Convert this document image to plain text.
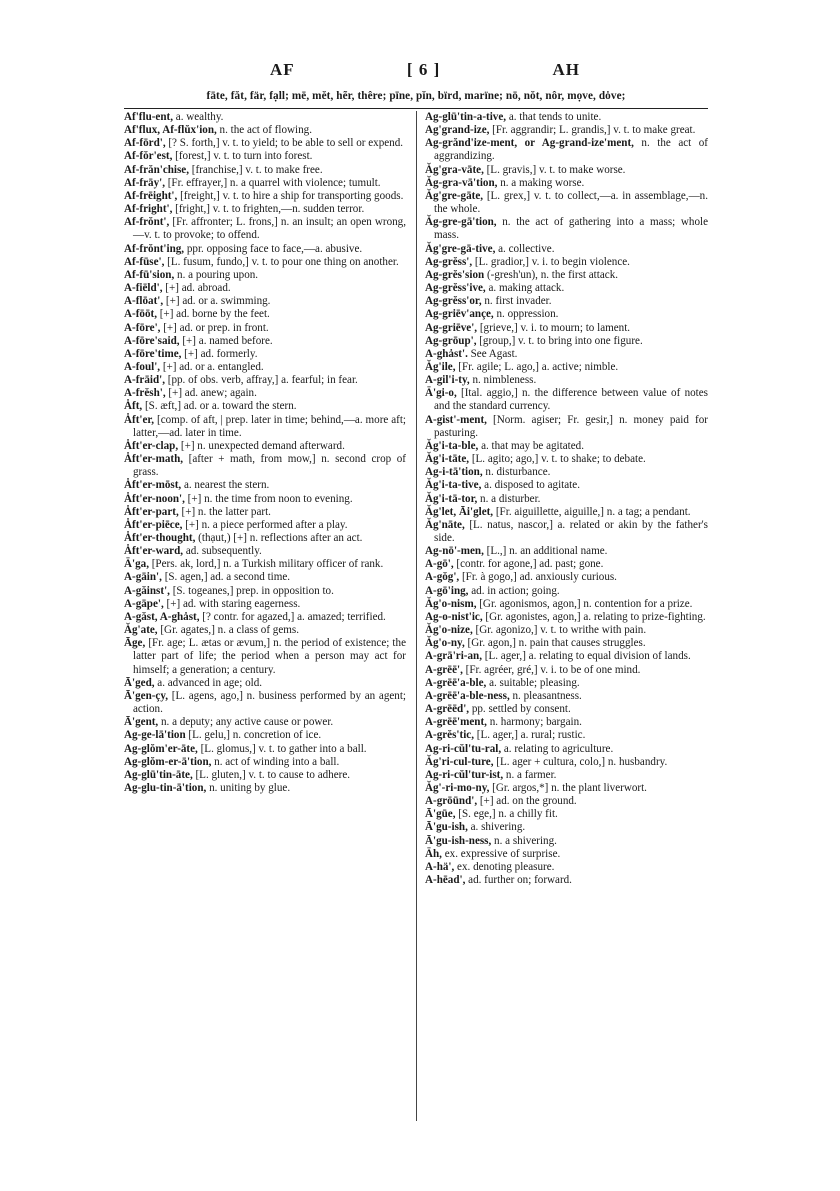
AF	[ 6 ]	AH
fāte, făt, fär, fạll; mē, mĕt, hẽr, thêre; pīne, pĭn, bïrd, marïne; nō, nŏt, nôr, mọve, dȯve;

Af'flu-ent, a. wealthy.

Af'flux, Af-flŭx'ion, n. the act of flowing.

Af-fōrd', [? S. forth,] v. t. to yield; to be able to sell or expend.

Af-fŏr'est, [forest,] v. t. to turn into forest.

Af-frăn'chise, [franchise,] v. t. to make free.

Af-frāy', [Fr. effrayer,] n. a quarrel with violence; tumult.

Af-frēight', [freight,] v. t. to hire a ship for transporting goods.

Af-fright', [fright,] v. t. to frighten,—n. sudden terror.

Af-frŏnt', [Fr. affronter; L. frons,] n. an insult; an open wrong,—v. t. to provoke; to offend.

Af-frŏnt'ing, ppr. opposing face to face,—a. abusive.

Af-fūse', [L. fusum, fundo,] v. t. to pour one thing on another.

Af-fū'sion, n. a pouring upon.

A-fiēld', [+] ad. abroad.

A-flōat', [+] ad. or a. swimming.

A-fōōt, [+] ad. borne by the feet.

A-fōre', [+] ad. or prep. in front.

A-fōre'said, [+] a. named before.

A-fōre'time, [+] ad. formerly.

A-foul', [+] ad. or a. entangled.

A-frāid', [pp. of obs. verb, affray,] a. fearful; in fear.

A-frĕsh', [+] ad. anew; again.

Ȧft, [S. æft,] ad. or a. toward the stern.

Ȧft'er, [comp. of aft, | prep. later in time; behind,—a. more aft; latter,—ad. later in time.

Ȧft'er-clap, [+] n. unexpected demand afterward.

Ȧft'er-math, [after + math, from mow,] n. second crop of grass.

Ȧft'er-mōst, a. nearest the stern.

Ȧft'er-noon', [+] n. the time from noon to evening.

Ȧft'er-part, [+] n. the latter part.

Ȧft'er-piēce, [+] n. a piece performed after a play.

Ȧft'er-thought, (thạut,) [+] n. reflections after an act.

Ȧft'er-ward, ad. subsequently.

Ä'ga, [Pers. ak, lord,] n. a Turkish military officer of rank.

A-gāin', [S. agen,] ad. a second time.

A-găinst', [S. togeanes,] prep. in opposition to.

A-gāpe', [+] ad. with staring eagerness.

A-găst, A-ghȧst, [? contr. for agazed,] a. amazed; terrified.

Ăg'ate, [Gr. agates,] n. a class of gems.

Āge, [Fr. age; L. ætas or ævum,] n. the period of existence; the latter part of life; the period when a person may act for himself; a generation; a century.

Ā'ged, a. advanced in age; old.

Ā'gen-çy, [L. agens, ago,] n. business performed by an agent; action.

Ā'gent, n. a deputy; any active cause or power.

Ag-ge-lā'tion [L. gelu,] n. concretion of ice.

Ag-glŏm'er-āte, [L. glomus,] v. t. to gather into a ball.

Ag-glŏm-er-ā'tion, n. act of winding into a ball.

Ag-glū'tin-āte, [L. gluten,] v. t. to cause to adhere.

Ag-glu-tin-ā'tion, n. uniting by glue.

Ag-glū'tin-a-tive, a. that tends to unite.

Ag'grand-ize, [Fr. aggrandir; L. grandis,] v. t. to make great.

Ag-grănd'ize-ment, or Ag-grand-ize'ment, n. the act of aggrandizing.

Ăg'gra-vāte, [L. gravis,] v. t. to make worse.

Ăg-gra-vā'tion, n. a making worse.

Ăg'gre-gāte, [L. grex,] v. t. to collect,—a. in assemblage,—n. the whole.

Ăg-gre-gā'tion, n. the act of gathering into a mass; whole mass.

Ăg'gre-gā-tive, a. collective.

Ag-grĕss', [L. gradior,] v. i. to begin violence.

Ag-grĕs'sion (-gresh'un), n. the first attack.

Ag-grĕss'ive, a. making attack.

Ag-grĕss'or, n. first invader.

Ag-griēv'ançe, n. oppression.

Ag-griēve', [grieve,] v. i. to mourn; to lament.

Ag-grōup', [group,] v. t. to bring into one figure.

A-ghȧst'. See Agast.

Ăg'ile, [Fr. agile; L. ago,] a. active; nimble.

A-gil'i-ty, n. nimbleness.

Ä'gi-o, [Ital. aggio,] n. the difference between value of notes and the standard currency.

A-gist'-ment, [Norm. agiser; Fr. gesir,] n. money paid for pasturing.

Ăg'i-ta-ble, a. that may be agitated.

Ăg'i-tāte, [L. agito; ago,] v. t. to shake; to debate.

Ag-i-tā'tion, n. disturbance.

Ăg'i-ta-tive, a. disposed to agitate.

Ăg'i-tā-tor, n. a disturber.

Ăg'let, Āi'glet, [Fr. aiguillette, aiguille,] n. a tag; a pendant.

Ăg'nāte, [L. natus, nascor,] a. related or akin by the father's side.

Ag-nō'-men, [L.,] n. an additional name.

A-gō', [contr. for agone,] ad. past; gone.

A-gŏg', [Fr. à gogo,] ad. anxiously curious.

A-gō'ing, ad. in action; going.

Ăg'o-nism, [Gr. agonismos, agon,] n. contention for a prize.

Ag-o-nist'ic, [Gr. agonistes, agon,] a. relating to prize-fighting.

Ăg'o-nize, [Gr. agonizo,] v. t. to writhe with pain.

Ăg'o-ny, [Gr. agon,] n. pain that causes struggles.

A-grā'ri-an, [L. ager,] a. relating to equal division of lands.

A-grēē', [Fr. agréer, gré,] v. i. to be of one mind.

A-grēē'a-ble, a. suitable; pleasing.

A-grēē'a-ble-ness, n. pleasantness.

A-grēēd', pp. settled by consent.

A-grēē'ment, n. harmony; bargain.

A-grĕs'tic, [L. ager,] a. rural; rustic.

Ag-ri-cŭl'tu-ral, a. relating to agriculture.

Ăg'ri-cul-ture, [L. ager + cultura, colo,] n. husbandry.

Ag-ri-cŭl'tur-ist, n. a farmer.

Ăg'-ri-mo-ny, [Gr. argos,*] n. the plant liverwort.

A-grōūnd', [+] ad. on the ground.

Ā'gūe, [S. ege,] n. a chilly fit.

Ā'gu-ish, a. shivering.

Ā'gu-ish-ness, n. a shivering.

Äh, ex. expressive of surprise.

A-hä', ex. denoting pleasure.

A-hēad', ad. further on; forward.
